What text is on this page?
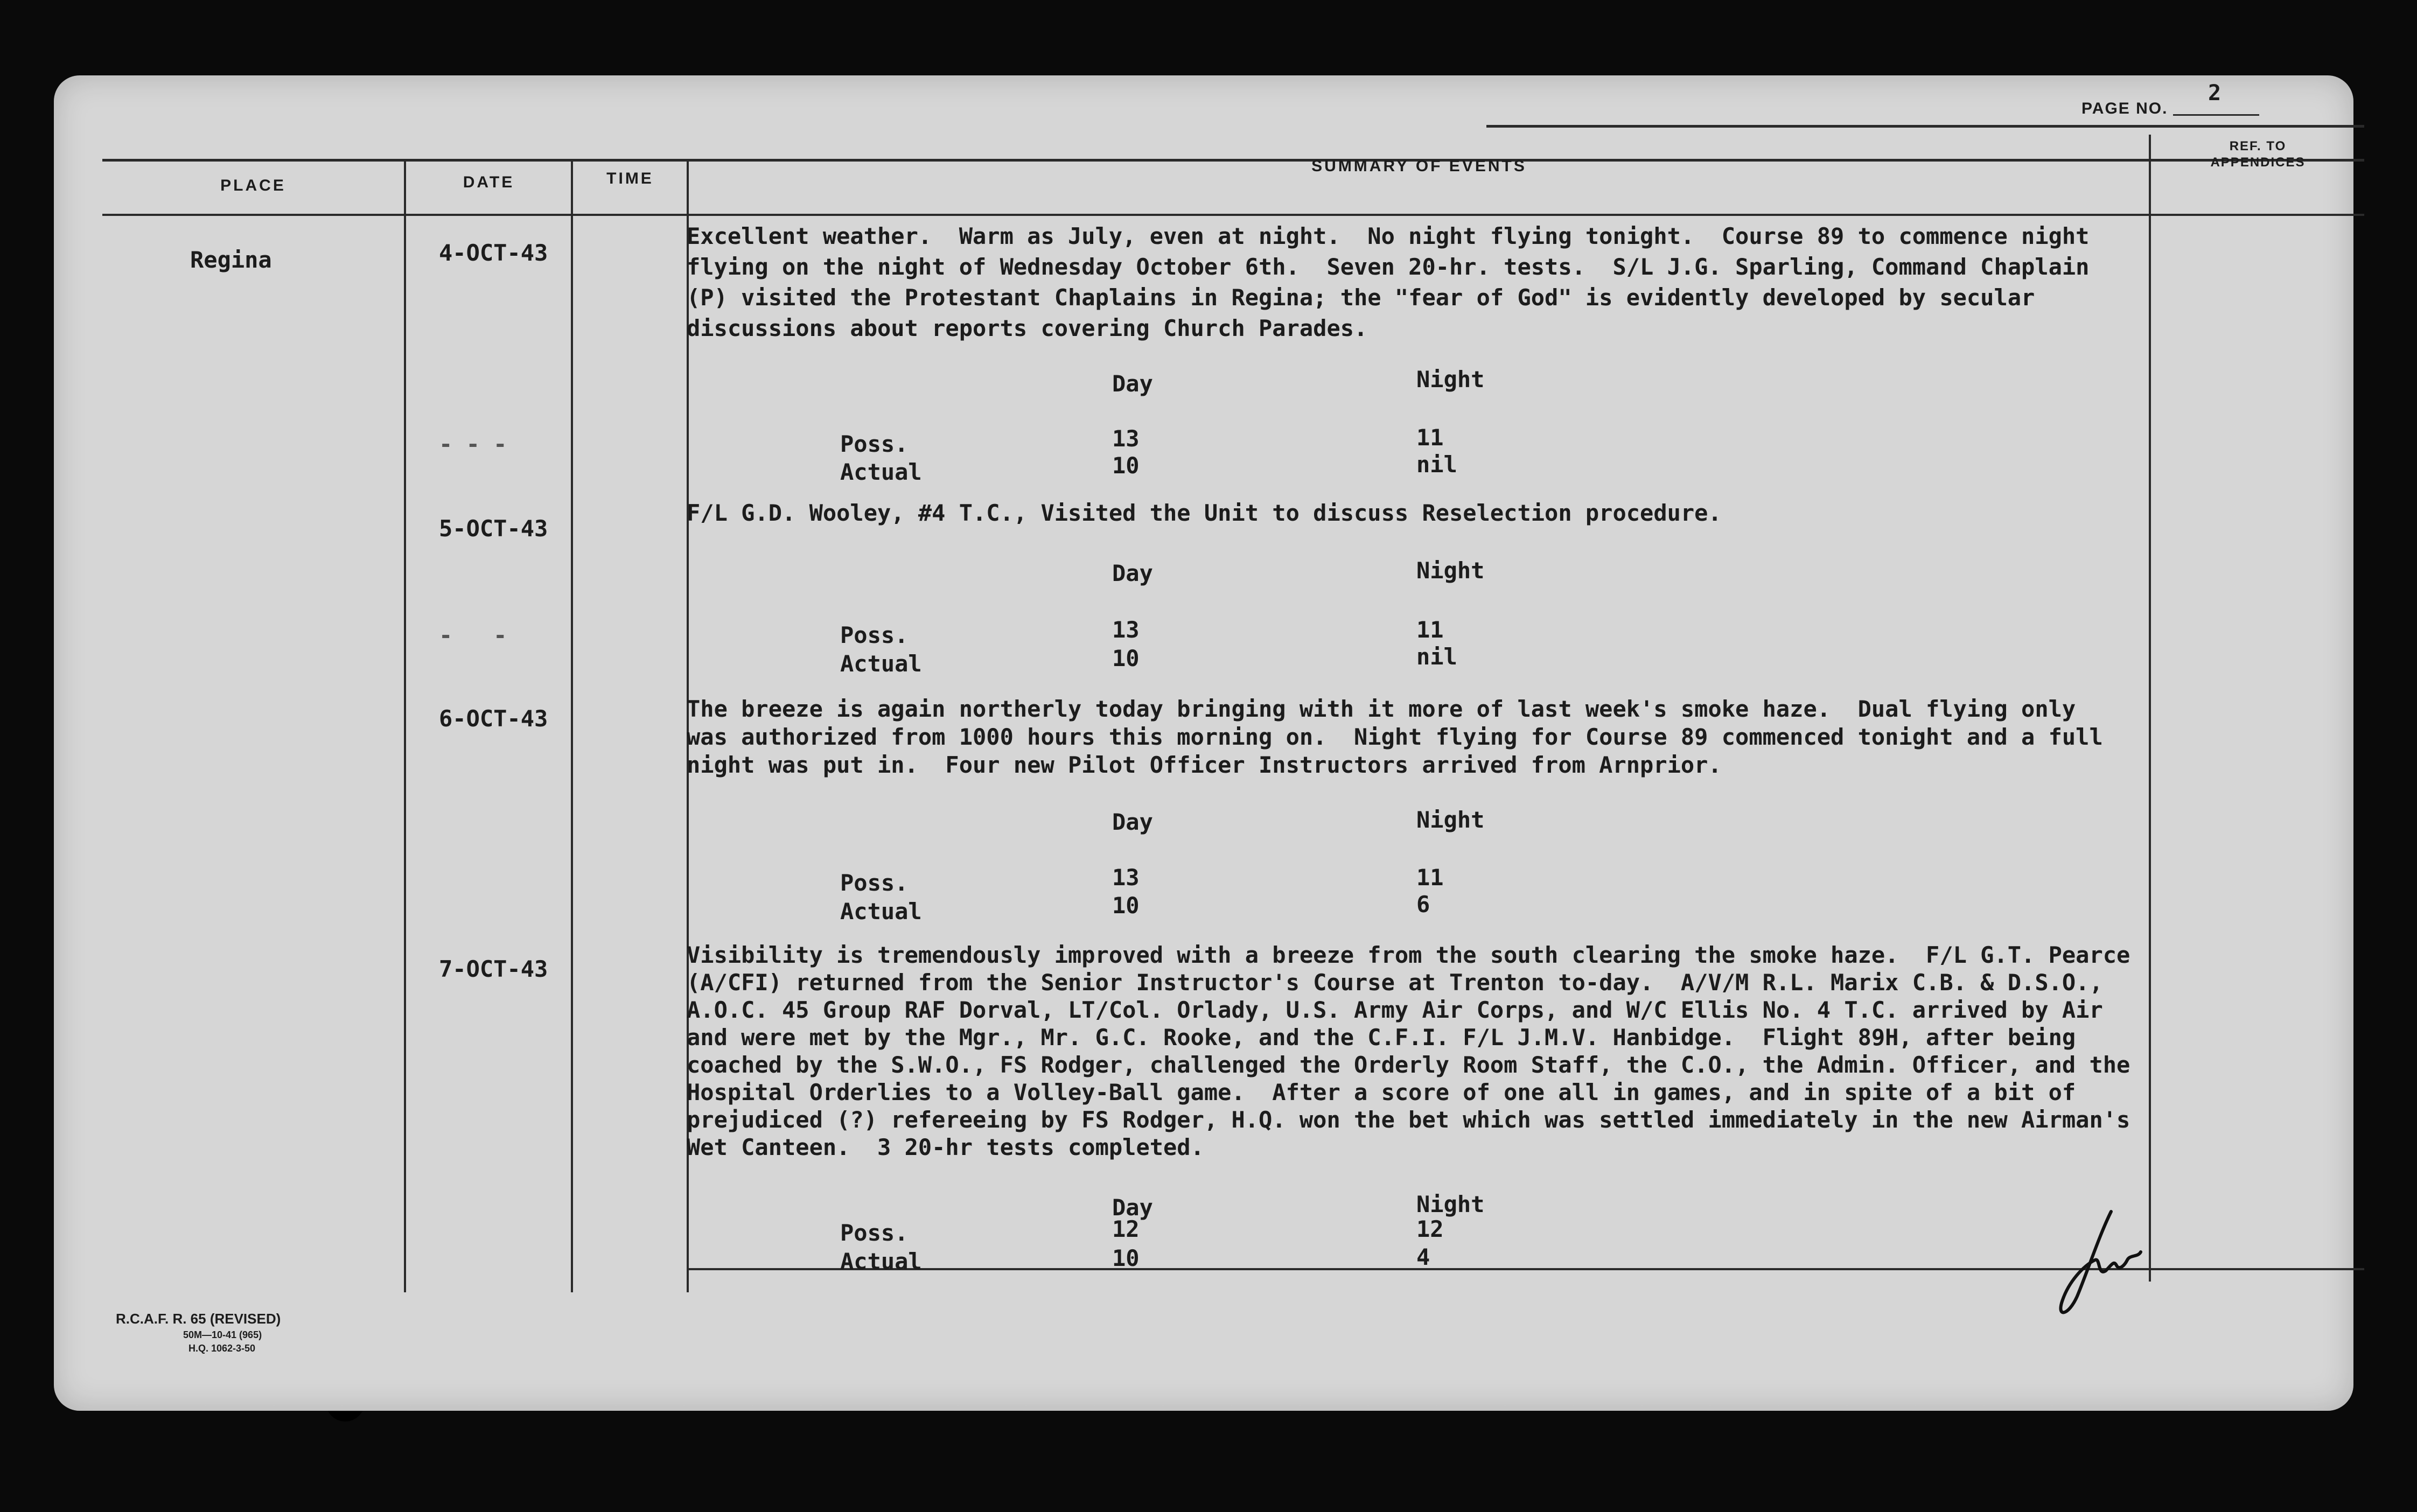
PAGE NO.
2
PLACE	DATE	TIME
SUMMARY OF EVENTS
REF. TO
APPENDICES
Regina	4-OCT-43
Excellent weather.  Warm as July, even at night.  No night flying tonight.  Course 89 to commence night
flying on the night of Wednesday October 6th.  Seven 20-hr. tests.  S/L J.G. Sparling, Command Chaplain
(P) visited the Protestant Chaplains in Regina; the "fear of God" is evidently developed by secular
discussions about reports covering Church Parades.
Day	Night
Poss.	13	11
Actual	10	nil
- - -
5-OCT-43
F/L G.D. Wooley, #4 T.C., Visited the Unit to discuss Reselection procedure.
Day	Night
Poss.	13	11
Actual	10	nil
-   -
6-OCT-43	The breeze is again northerly today bringing with it more of last week's smoke haze.  Dual flying only
was authorized from 1000 hours this morning on.  Night flying for Course 89 commenced tonight and a full
night was put in.  Four new Pilot Officer Instructors arrived from Arnprior.
Day	Night
Poss.	13	11
Actual	10	6
7-OCT-43
Visibility is tremendously improved with a breeze from the south clearing the smoke haze.  F/L G.T. Pearce
(A/CFI) returned from the Senior Instructor's Course at Trenton to-day.  A/V/M R.L. Marix C.B. & D.S.O.,
A.O.C. 45 Group RAF Dorval, LT/Col. Orlady, U.S. Army Air Corps, and W/C Ellis No. 4 T.C. arrived by Air
and were met by the Mgr., Mr. G.C. Rooke, and the C.F.I. F/L J.M.V. Hanbidge.  Flight 89H, after being
coached by the S.W.O., FS Rodger, challenged the Orderly Room Staff, the C.O., the Admin. Officer, and the
Hospital Orderlies to a Volley-Ball game.  After a score of one all in games, and in spite of a bit of
prejudiced (?) refereeing by FS Rodger, H.Q. won the bet which was settled immediately in the new Airman's
Wet Canteen.  3 20-hr tests completed.
Day	Night
Poss.	12	12
Actual	10	4
R.C.A.F. R. 65 (REVISED)
50M—10-41 (965)
H.Q. 1062-3-50
